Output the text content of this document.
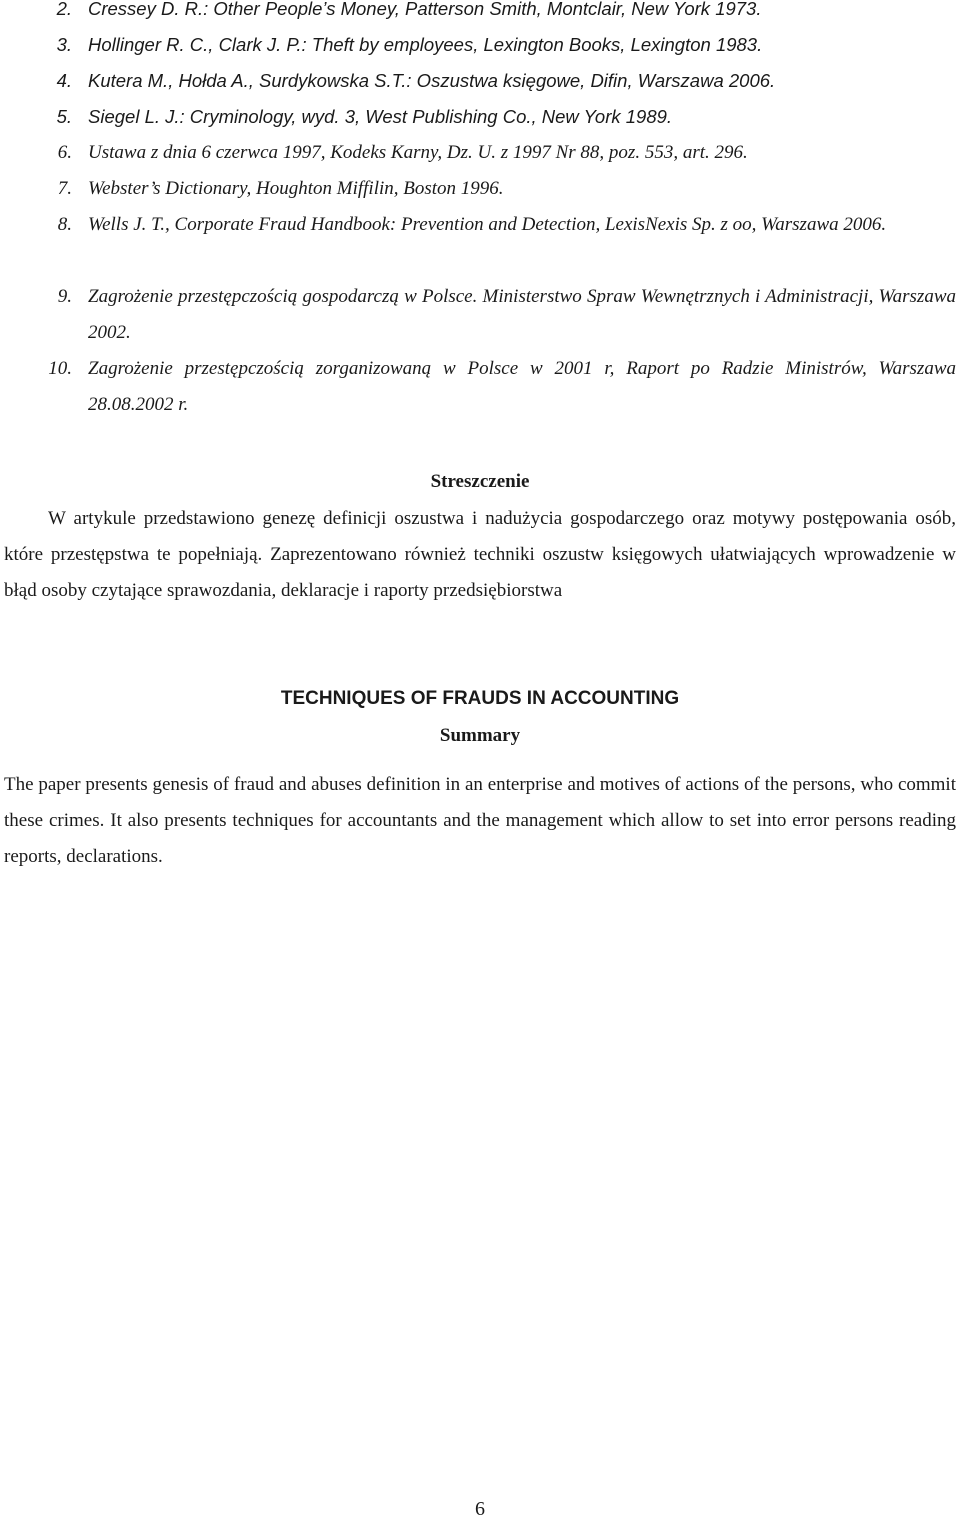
2. Cressey D. R.: Other People’s Money, Patterson Smith, Montclair, New York 1973.
3. Hollinger R. C., Clark J. P.: Theft by employees, Lexington Books, Lexington 1983.
4. Kutera M., Hołda A., Surdykowska S.T.: Oszustwa księgowe, Difin, Warszawa 2006.
5. Siegel L. J.: Cryminology, wyd. 3, West Publishing Co., New York 1989.
6. Ustawa z dnia 6 czerwca 1997, Kodeks Karny, Dz. U. z 1997 Nr 88, poz. 553, art. 296.
7. Webster’s Dictionary, Houghton Miffilin, Boston 1996.
8. Wells J. T., Corporate Fraud Handbook: Prevention and Detection, LexisNexis Sp. z oo, Warszawa 2006.
9. Zagrożenie przestępczością gospodarczą w Polsce. Ministerstwo Spraw Wewnętrznych i Administracji, Warszawa 2002.
10. Zagrożenie przestępczością zorganizowaną w Polsce w 2001 r, Raport po Radzie Ministrów, Warszawa 28.08.2002 r.
Streszczenie
W artykule przedstawiono genezę definicji oszustwa i nadużycia gospodarczego oraz motywy postępowania osób, które przestępstwa te popełniają. Zaprezentowano również techniki oszustw księgowych ułatwiających wprowadzenie w błąd osoby czytające sprawozdania, deklaracje i raporty przedsiębiorstwa
TECHNIQUES OF FRAUDS IN ACCOUNTING
Summary
The paper presents genesis of fraud and abuses definition in an enterprise and motives of actions of the persons, who commit these crimes. It also presents techniques for accountants and the management which allow to set into error persons reading reports, declarations.
6
